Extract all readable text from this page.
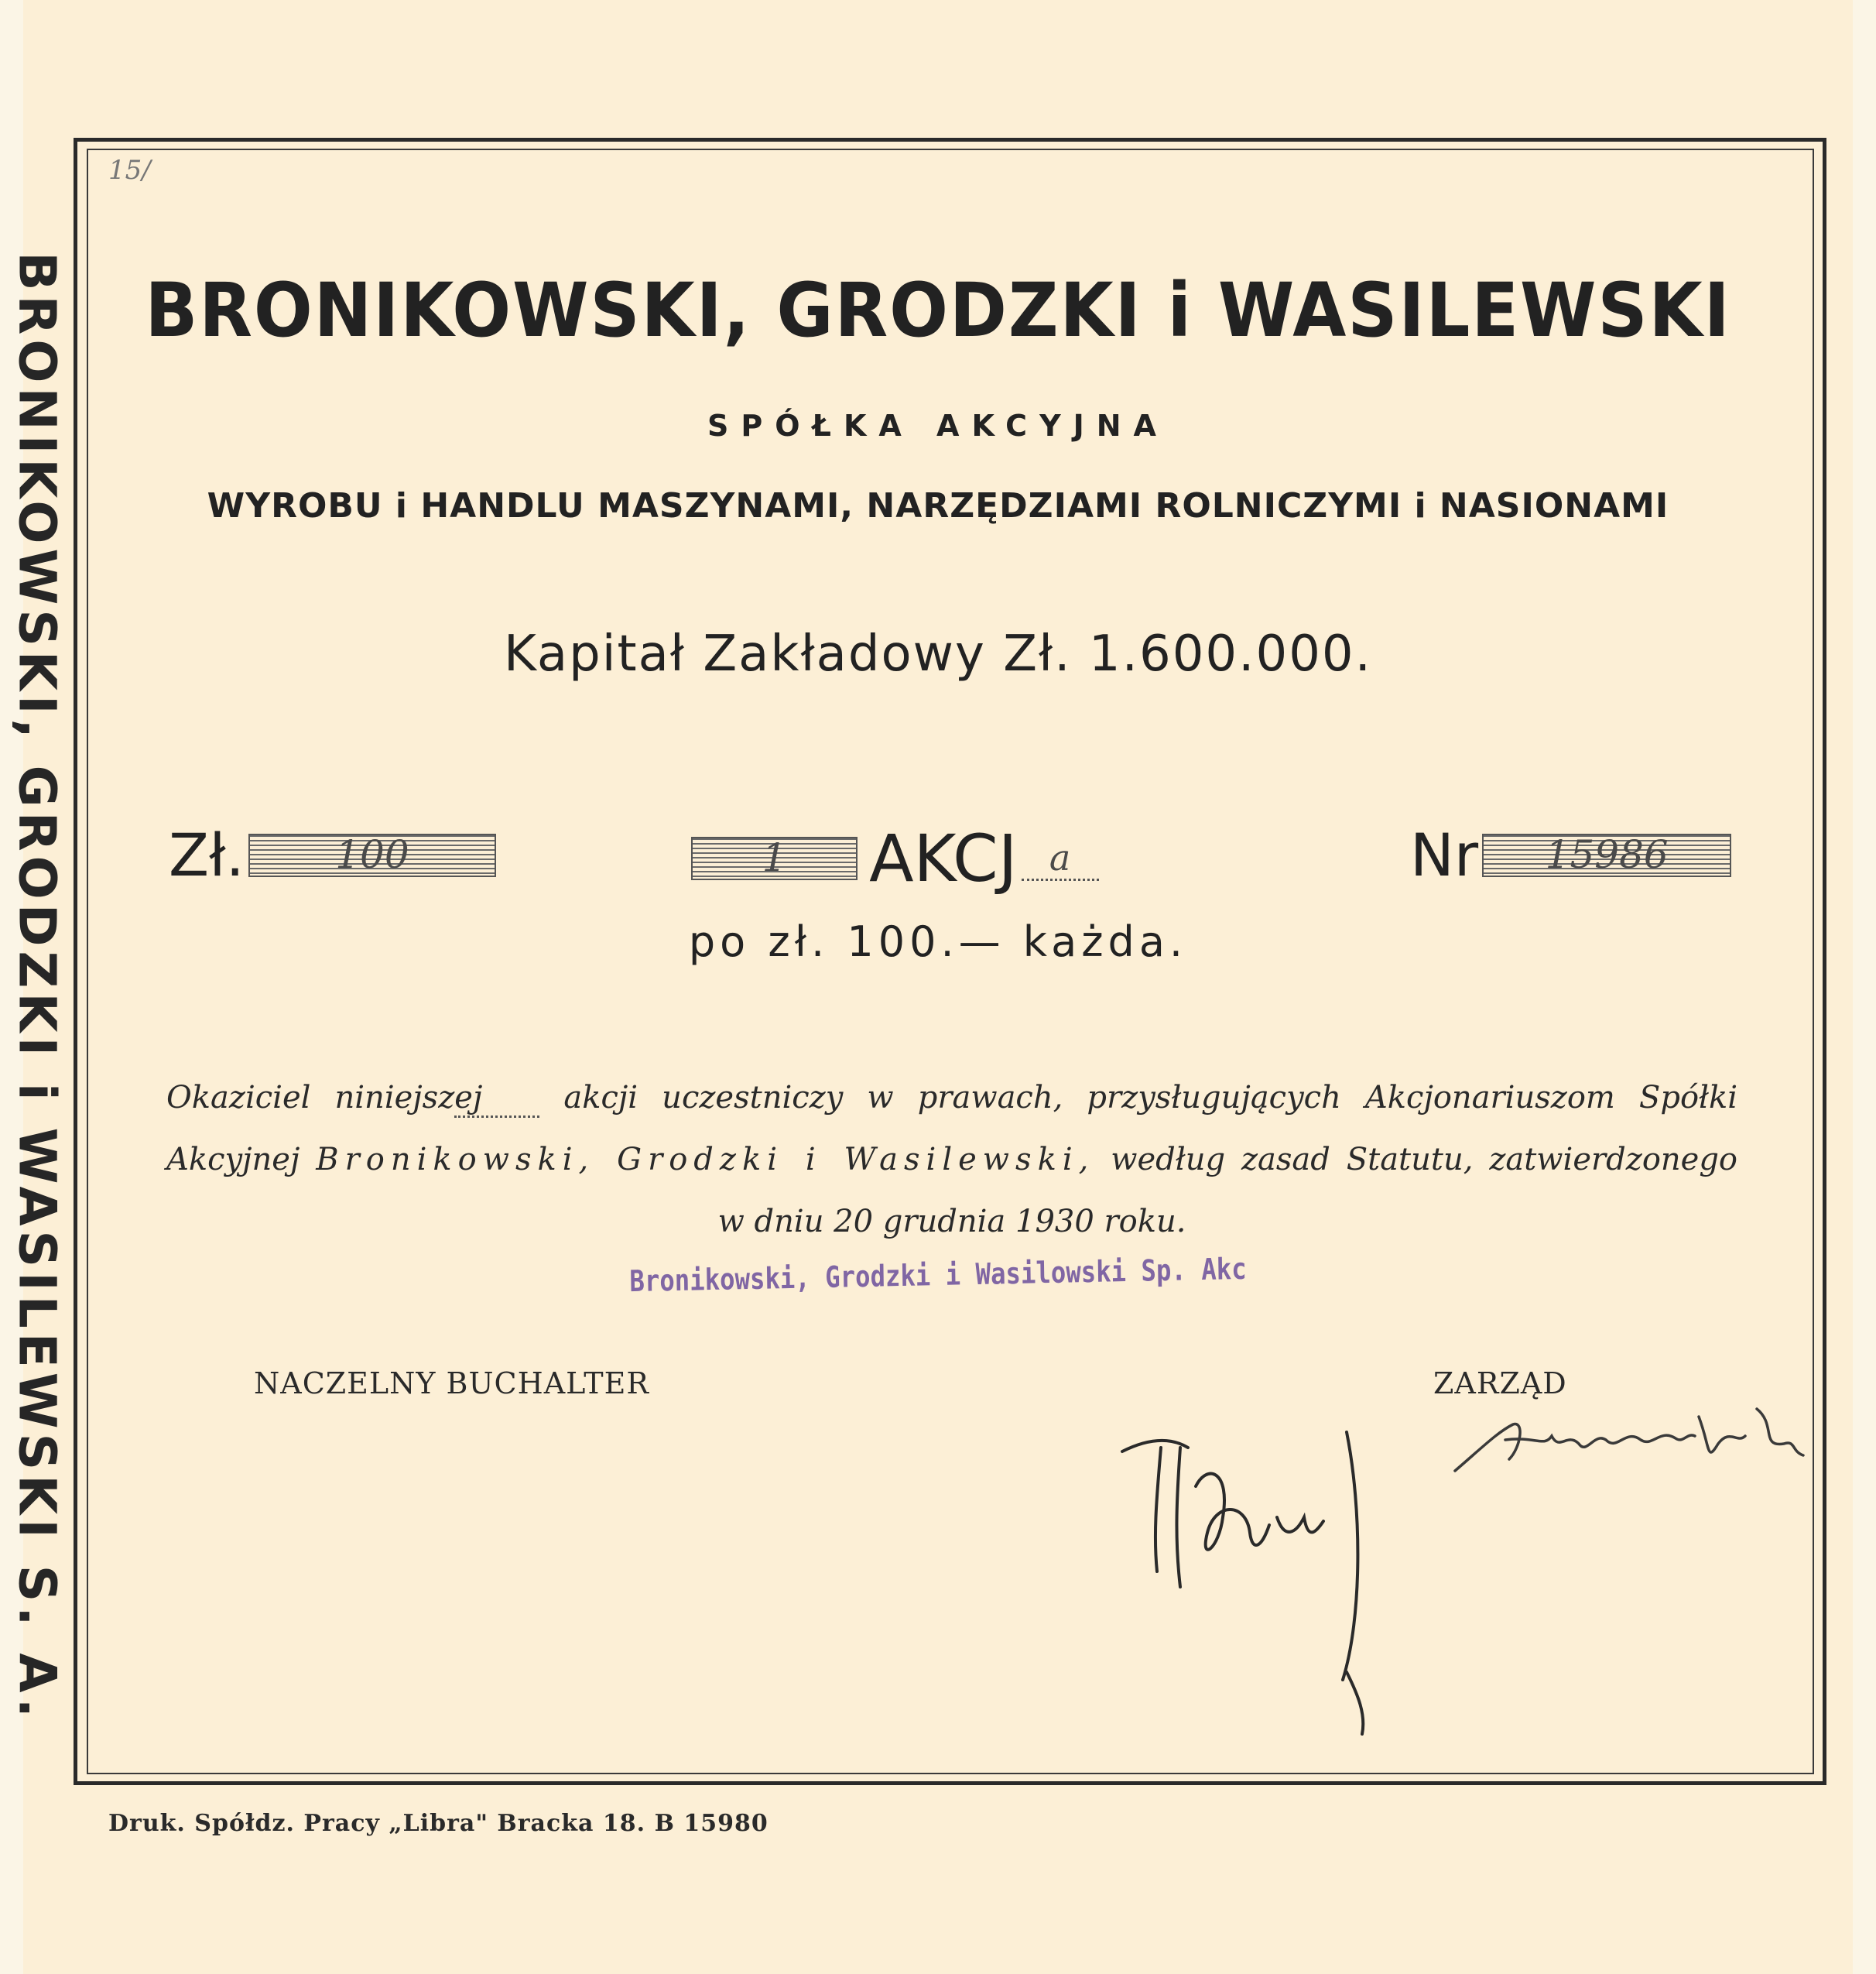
BRONIKOWSKI, GRODZKI i WASILEWSKI S. A.
15/
BRONIKOWSKI, GRODZKI i WASILEWSKI
SPÓŁKA AKCYJNA
WYROBU i HANDLU MASZYNAMI, NARZĘDZIAMI ROLNICZYMI i NASIONAMI
Kapitał Zakładowy Zł. 1.600.000.
Zł.	100	1	AKCJ a	Nr	15986
po zł. 100.— każda.
Okaziciel niniejszej	akcji uczestniczy w prawach, przysługujących Akcjonariuszom Spółki
Akcyjnej Bronikowski, Grodzki i Wasilewski, według zasad Statutu, zatwierdzonego
w dniu 20 grudnia 1930 roku.
Bronikowski, Grodzki i Wasilowski Sp. Akc
NACZELNY BUCHALTER	ZARZĄD
Druk. Spółdz. Pracy „Libra" Bracka 18. B 15980
